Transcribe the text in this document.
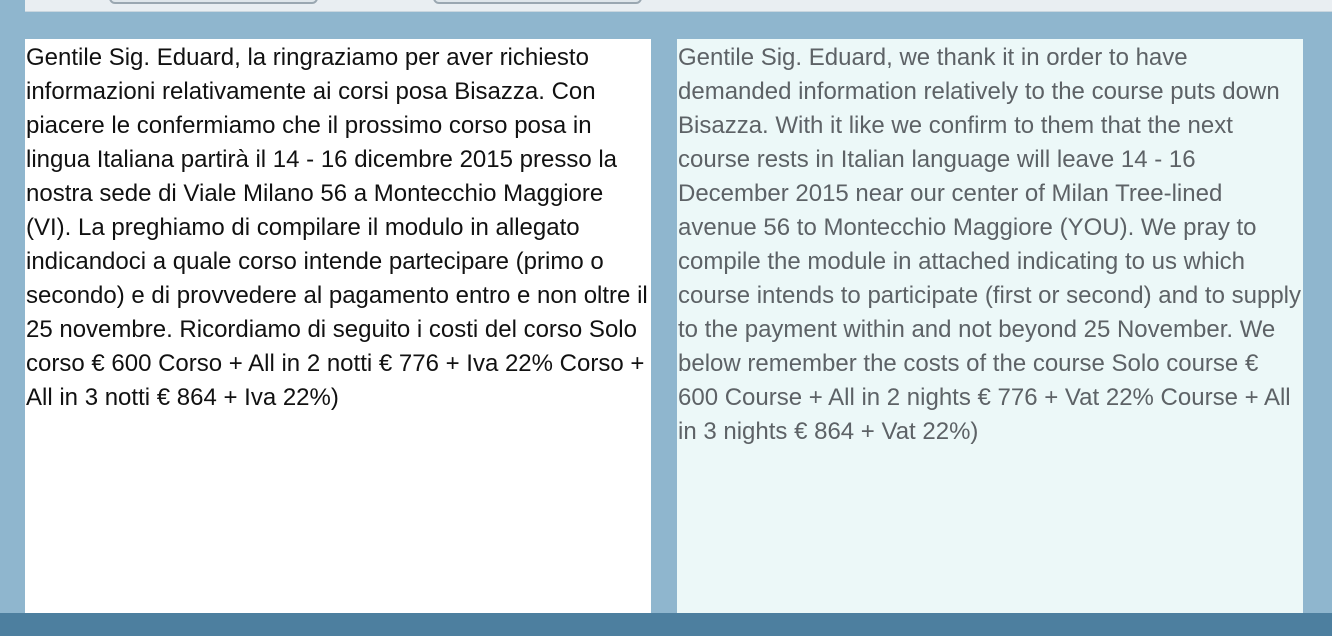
Gentile Sig. Eduard, la ringraziamo per aver richiesto informazioni relativamente ai corsi posa Bisazza. Con piacere le confermiamo che il prossimo corso posa in lingua Italiana partirà il 14 - 16 dicembre 2015 presso la nostra sede di Viale Milano 56 a Montecchio Maggiore (VI). La preghiamo di compilare il modulo in allegato indicandoci a quale corso intende partecipare (primo o secondo) e di provvedere al pagamento entro e non oltre il 25 novembre. Ricordiamo di seguito i costi del corso Solo corso € 600 Corso + All in 2 notti € 776 + Iva 22% Corso + All in 3 notti € 864 + Iva 22%)
Gentile Sig. Eduard, we thank it in order to have demanded information relatively to the course puts down Bisazza. With it like we confirm to them that the next course rests in Italian language will leave 14 - 16 December 2015 near our center of Milan Tree-lined avenue 56 to Montecchio Maggiore (YOU). We pray to compile the module in attached indicating to us which course intends to participate (first or second) and to supply to the payment within and not beyond 25 November. We below remember the costs of the course Solo course € 600 Course + All in 2 nights € 776 + Vat 22% Course + All in 3 nights € 864 + Vat 22%)
